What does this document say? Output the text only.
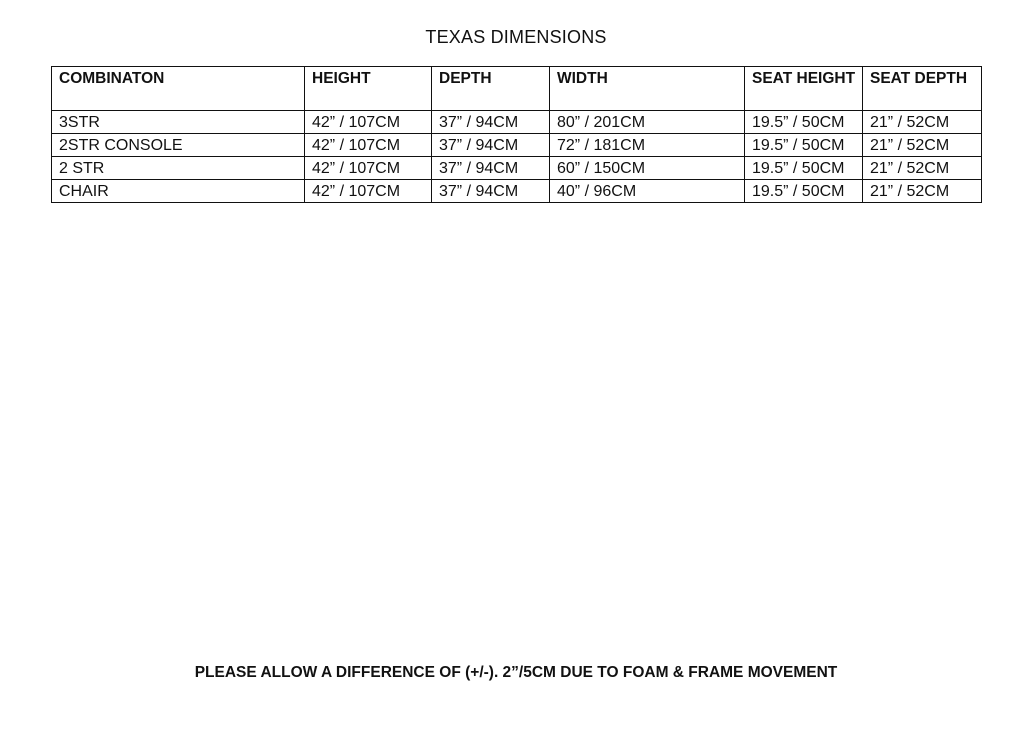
TEXAS DIMENSIONS
COMBINATON	HEIGHT	DEPTH	WIDTH	SEAT HEIGHT	SEAT DEPTH
3STR	42” / 107CM	37” / 94CM	80” / 201CM	19.5” / 50CM	21” / 52CM
2STR CONSOLE	42” / 107CM	37” / 94CM	72” / 181CM	19.5” / 50CM	21” / 52CM
2 STR	42” / 107CM	37” / 94CM	60” / 150CM	19.5” / 50CM	21” / 52CM
CHAIR	42” / 107CM	37” / 94CM	40” / 96CM	19.5” / 50CM	21” / 52CM
PLEASE ALLOW A DIFFERENCE OF (+/-). 2”/5CM DUE TO FOAM & FRAME MOVEMENT
